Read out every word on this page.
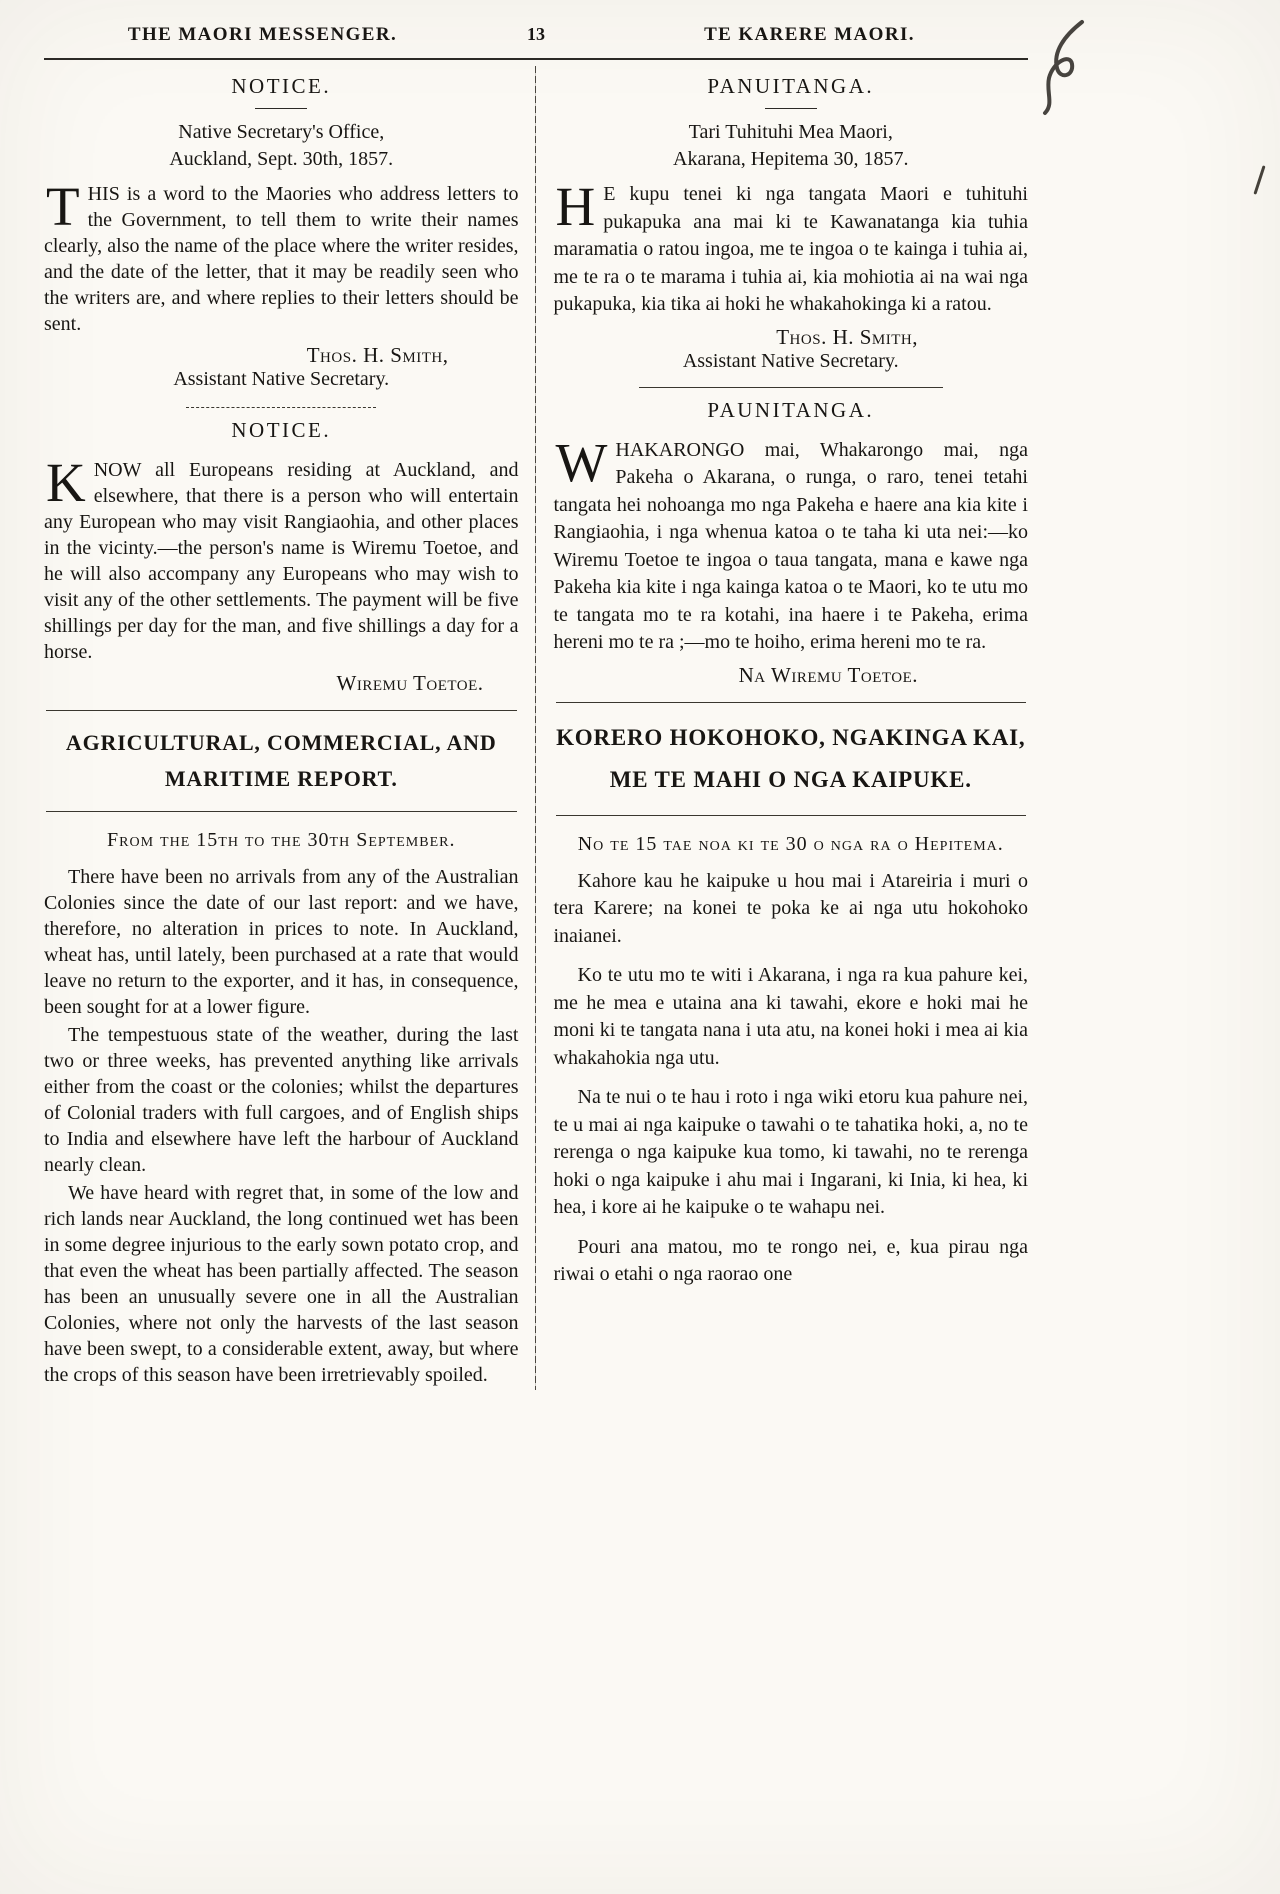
THE MAORI MESSENGER.	13	TE KARERE MAORI.
NOTICE.

Native Secretary's Office,
Auckland, Sept. 30th, 1857.

THIS is a word to the Maories who address letters to the Government, to tell them to write their names clearly, also the name of the place where the writer resides, and the date of the letter, that it may be readily seen who the writers are, and where replies to their letters should be sent.

Thos. H. Smith,

Assistant Native Secretary.

NOTICE.

KNOW all Europeans residing at Auckland, and elsewhere, that there is a person who will entertain any European who may visit Rangiaohia, and other places in the vicinty.—the person's name is Wiremu Toetoe, and he will also accompany any Europeans who may wish to visit any of the other settlements. The payment will be five shillings per day for the man, and five shillings a day for a horse.

Wiremu Toetoe.

AGRICULTURAL, COMMERCIAL, AND MARITIME REPORT.

From the 15th to the 30th September.

There have been no arrivals from any of the Australian Colonies since the date of our last report: and we have, therefore, no alteration in prices to note. In Auckland, wheat has, until lately, been purchased at a rate that would leave no return to the exporter, and it has, in consequence, been sought for at a lower figure.

The tempestuous state of the weather, during the last two or three weeks, has prevented anything like arrivals either from the coast or the colonies; whilst the departures of Colonial traders with full cargoes, and of English ships to India and elsewhere have left the harbour of Auckland nearly clean.

We have heard with regret that, in some of the low and rich lands near Auckland, the long continued wet has been in some degree injurious to the early sown potato crop, and that even the wheat has been partially affected. The season has been an unusually severe one in all the Australian Colonies, where not only the harvests of the last season have been swept, to a considerable extent, away, but where the crops of this season have been irretrievably spoiled.

PANUITANGA.

Tari Tuhituhi Mea Maori,
Akarana, Hepitema 30, 1857.

H E kupu tenei ki nga tangata Maori e tuhituhi pukapuka ana mai ki te Kawanatanga kia tuhia maramatia o ratou ingoa, me te ingoa o te kainga i tuhia ai, me te ra o te marama i tuhia ai, kia mohiotia ai na wai nga pukapuka, kia tika ai hoki he whakahokinga ki a ratou.

Thos. H. Smith,

Assistant Native Secretary.

PAUNITANGA.

WHAKARONGO mai, Whakarongo mai, nga Pakeha o Akarana, o runga, o raro, tenei tetahi tangata hei nohoanga mo nga Pakeha e haere ana kia kite i Rangiaohia, i nga whenua katoa o te taha ki uta nei:—ko Wiremu Toetoe te ingoa o taua tangata, mana e kawe nga Pakeha kia kite i nga kainga katoa o te Maori, ko te utu mo te tangata mo te ra kotahi, ina haere i te Pakeha, erima hereni mo te ra ;—mo te hoiho, erima hereni mo te ra.

Na Wiremu Toetoe.

KORERO HOKOHOKO, NGAKINGA KAI, ME TE MAHI O NGA KAIPUKE.

No te 15 tae noa ki te 30 o nga ra o Hepitema.

Kahore kau he kaipuke u hou mai i Atareiria i muri o tera Karere; na konei te poka ke ai nga utu hokohoko inaianei.

Ko te utu mo te witi i Akarana, i nga ra kua pahure kei, me he mea e utaina ana ki tawahi, ekore e hoki mai he moni ki te tangata nana i uta atu, na konei hoki i mea ai kia whakahokia nga utu.

Na te nui o te hau i roto i nga wiki etoru kua pahure nei, te u mai ai nga kaipuke o tawahi o te tahatika hoki, a, no te rerenga o nga kaipuke kua tomo, ki tawahi, no te rerenga hoki o nga kaipuke i ahu mai i Ingarani, ki Inia, ki hea, ki hea, i kore ai he kaipuke o te wahapu nei.

Pouri ana matou, mo te rongo nei, e, kua pirau nga riwai o etahi o nga raorao one
